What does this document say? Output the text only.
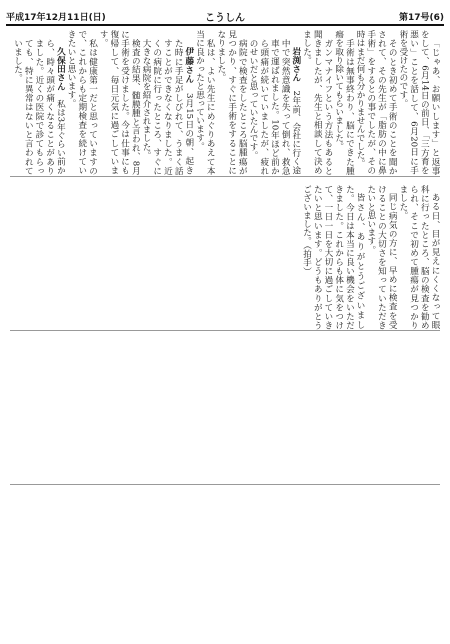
平成17年12月11日(日)	こうしん	第17号(6)

「じゃあ、お願いします」と返事をして、6月14日の前日、「三方育を悪い」ことを話して、6月20日に手術を受けたのです。

そのとき初めて手術のことを聞かされて、その先生が「脂肪の中に鼻手術」をするとの事でしたが、その時はまだ何も分かりませんでした。

手術は無事終わり、脳にできた腫瘍を取り除いてもらいました。

ガンマナイフという方法もあると聞きましたが、先生と相談して決めました。

岩渕さん　2年前、会社に行く途中で突然意識を失って倒れ、救急車で運ばれました。10年ほど前から頭痛が続いていましたが、疲れのせいだと思っていたんです。

病院で検査をしたところ脳腫瘍が見つかり、すぐに手術をすることになりました。

私は、よい先生にめぐりあえて本当に良かったと思っています。

伊藤さん　3月15日の朝、起きた時に手足がしびれて、うまく話すことができなくなりました。近くの病院に行ったところ、すぐに大きな病院を紹介されました。

検査の結果、髄膜腫と言われ、8月に手術を受けました。今は仕事にも復帰して、毎日元気に過ごしています。

私は健康第一だと思っていますので、これからも定期検査を続けていきたいと思います。

久保田さん　私は3年ぐらい前から、時々頭が痛くなることがありました。近くの医院で診てもらっても、特に異常はないと言われていました。

ある日、目が見えにくくなって眼科に行ったところ、脳の検査を勧められ、そこで初めて腫瘍が見つかりました。

同じ病気の方に、早めに検査を受けることの大切さを知っていただきたいと思います。

皆さん、ありがとうございました。今日は本当に良い機会をいただきました。これからも体に気をつけて、一日一日を大切に過ごしていきたいと思います。どうもありがとうございました。（拍手）
